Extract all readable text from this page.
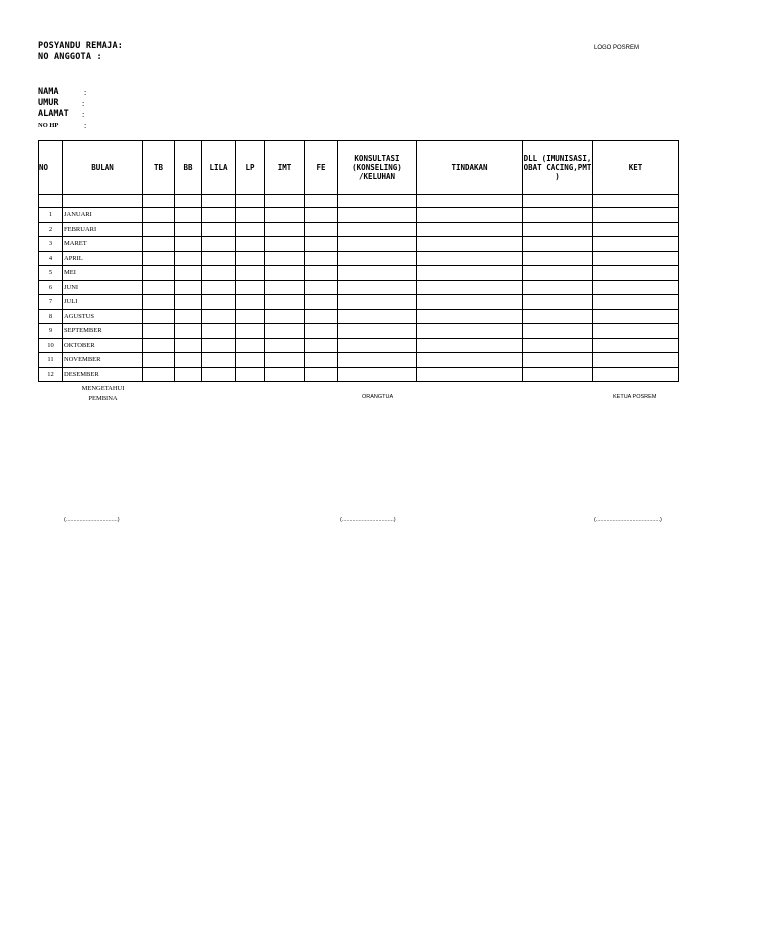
POSYANDU REMAJA:
NO ANGGOTA :
LOGO POSREM
NAMA	:
UMUR	:
ALAMAT :
NO HP	:
NO	BULAN	TB	BB	LILA	LP	IMT	FE	KONSULTASI (KONSELING) /KELUHAN	TINDAKAN	DLL (IMUNISASI, OBAT CACING,PMT )	KET

1	JANUARI										
2	FEBRUARI										
3	MARET										
4	APRIL										
5	MEI										
6	JUNI										
7	JULI										
8	AGUSTUS										
9	SEPTEMBER										
10	OKTOBER										
11	NOVEMBER										
12	DESEMBER										
MENGETAHUI
PEMBINA	ORANGTUA	KETUA POSREM
(..................................)	(..................................)	(..........................................)
